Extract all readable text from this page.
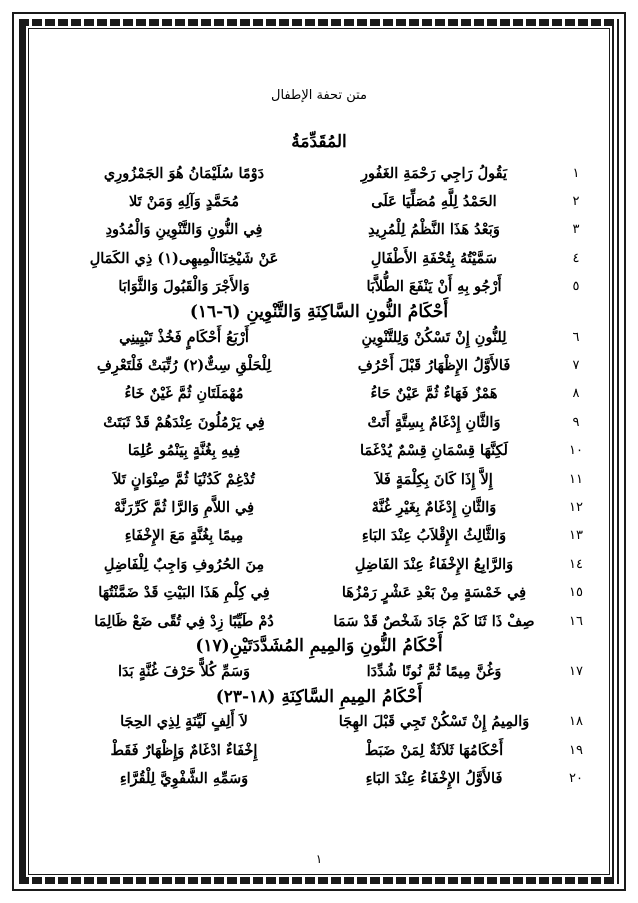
متن تحفة الإطفال
المُقَدِّمَةُ
١
يَقُولُ رَاجِي رَحْمَةِ الغَفُورِ
دَوْمًا سُلَيْمَانُ هُوَ الجَمْزُورِي
٢
الحَمْدُ لِلَّهِ مُصَلِّيَا عَلَى
مُحَمَّدٍ وَآلِهِ وَمَنْ تَلا
٣
وَبَعْدُ هَذَا النَّظْمُ لِلْمُرِيدِ
فِي النُّونِ وَالتَّنْوِينِ وَالْمُدُودِ
٤
سَمَّيْتُهُ بِتُحْفَةِ الأَطْفَالِ
عَنْ شَيْخِنَاالْمِيهِى(١) ذِي الكَمَالِ
٥
أَرْجُو بِهِ أَنْ يَنْفَعَ الطُّلاَّبَا
وَالأَجْرَ وَالْقَبُولَ وَالثَّوَابَا
أَحْكَامُ النُّونِ السَّاكِنَةِ وَالتَّنْوِينِ (٦-١٦)
٦
لِلنُّونِ إِنْ تَسْكُنْ وَلِلتَّنْوِينِ
أَرْبَعُ أَحْكَامٍ فَخُذْ تَبْيِينِي
٧
فَالأَوَّلُ الإِظْهَارُ قَبْلَ أَحْرُفِ
لِلْحَلْقِ سِتٌّ(٢) رُتِّبَتْ فَلْتَعْرِفِ
٨
هَمْزٌ فَهَاءٌ ثُمَّ عَيْنٌ حَاءُ
مُهْمَلَتَانِ ثُمَّ غَيْنٌ خَاءُ
٩
وَالثَّانِ إِدْغَامٌ بِسِتَّةٍ أَتَتْ
فِي يَرْمُلُونَ عِنْدَهُمْ قَدْ ثَبَتَتْ
١٠
لَكِنَّهَا قِسْمَانِ قِسْمٌ يُدْغَمَا
فِيهِ بِغُنَّةٍ بِيَنْمُو عُلِمَا
١١
إِلاَّ إِذَا كَانَ بِكِلْمَةٍ فَلاَ
تُدْغِمْ كَدُنْيَا ثُمَّ صِنْوَانٍ تَلاَ
١٢
وَالثَّانِ إِدْغَامٌ بِغَيْرِ غُنَّهْ
فِي اللاَّمِ وَالرَّا ثُمَّ كَرِّرَنَّهْ
١٣
وَالثَّالِثُ الإِقْلاَبُ عِنْدَ البَاءِ
مِيمًا بِغُنَّةٍ مَعَ الإِخْفَاءِ
١٤
وَالرَّابِعُ الإِخْفَاءُ عِنْدَ الفَاضِلِ
مِنَ الحُرُوفِ وَاجِبٌ لِلْفَاضِلِ
١٥
فِي خَمْسَةٍ مِنْ بَعْدِ عَشْرٍ رَمْزُهَا
فِي كِلْمِ هَذَا البَيْتِ قَدْ ضَمَّنْتُهَا
١٦
صِفْ ذَا ثَنَا كَمْ جَادَ شَخْصٌ قَدْ سَمَا
دُمْ طَيِّبًا زِدْ فِي تُقًى ضَعْ ظَالِمَا
أَحْكَامُ النُّونِ وَالمِيمِ المُشَدَّدَتَيْنِ(١٧)
١٧
وَغُنَّ مِيمًا ثُمَّ نُونًا شُدِّدَا
وَسَمِّ كُلاًّ حَرْفَ غُنَّةٍ بَدَا
أَحْكَامُ المِيمِ السَّاكِنَةِ (١٨-٢٣)
١٨
وَالمِيمُ إِنْ تَسْكُنْ تَجِي قَبْلَ الهِجَا
لاَ أَلِفٍ لَيِّنَةٍ لِذِي الحِجَا
١٩
أَحْكَامُهَا ثَلاَثَةٌ لِمَنْ ضَبَطْ
إِخْفَاءٌ ادْغَامٌ وَإِظْهَارٌ فَقَطْ
٢٠
فَالأَوَّلُ الإِخْفَاءُ عِنْدَ البَاءِ
وَسَمِّهِ الشَّفْوِيَّ لِلْقُرَّاءِ
١
